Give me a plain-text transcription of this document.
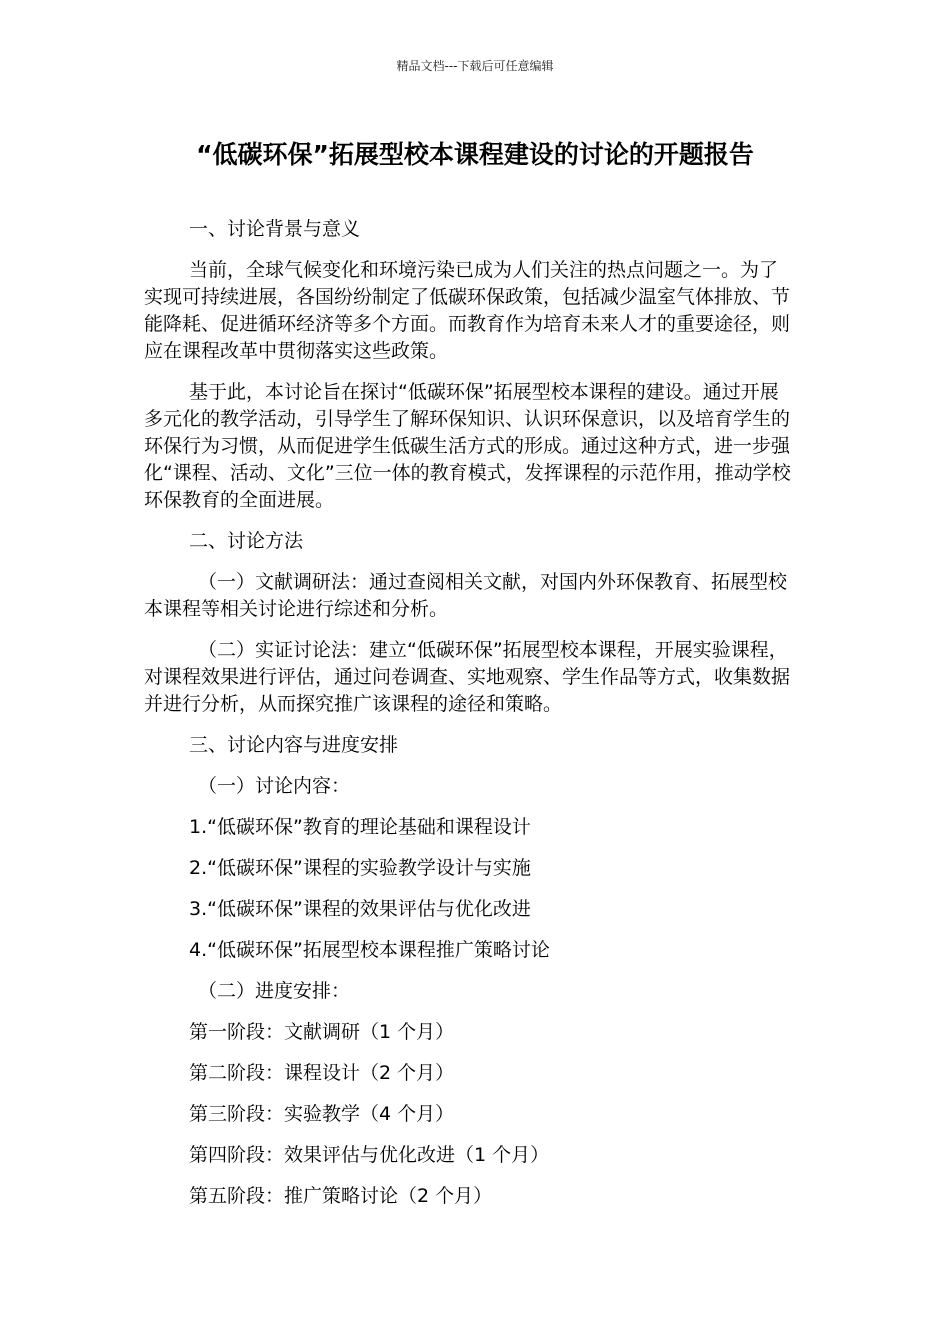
精品文档---下载后可任意编辑
“低碳环保”拓展型校本课程建设的讨论的开题报告
一、讨论背景与意义

当前，全球气候变化和环境污染已成为人们关注的热点问题之一。为了实现可持续进展，各国纷纷制定了低碳环保政策，包括减少温室气体排放、节能降耗、促进循环经济等多个方面。而教育作为培育未来人才的重要途径，则应在课程改革中贯彻落实这些政策。

基于此，本讨论旨在探讨“低碳环保”拓展型校本课程的建设。通过开展多元化的教学活动，引导学生了解环保知识、认识环保意识，以及培育学生的环保行为习惯，从而促进学生低碳生活方式的形成。通过这种方式，进一步强化“课程、活动、文化”三位一体的教育模式，发挥课程的示范作用，推动学校环保教育的全面进展。

二、讨论方法

（一）文献调研法：通过查阅相关文献，对国内外环保教育、拓展型校本课程等相关讨论进行综述和分析。

（二）实证讨论法：建立“低碳环保”拓展型校本课程，开展实验课程，对课程效果进行评估，通过问卷调查、实地观察、学生作品等方式，收集数据并进行分析，从而探究推广该课程的途径和策略。

三、讨论内容与进度安排
（一）讨论内容：
1.“低碳环保”教育的理论基础和课程设计
2.“低碳环保”课程的实验教学设计与实施
3.“低碳环保”课程的效果评估与优化改进
4.“低碳环保”拓展型校本课程推广策略讨论
（二）进度安排：
第一阶段：文献调研（1 个月）
第二阶段：课程设计（2 个月）
第三阶段：实验教学（4 个月）
第四阶段：效果评估与优化改进（1 个月）
第五阶段：推广策略讨论（2 个月）
